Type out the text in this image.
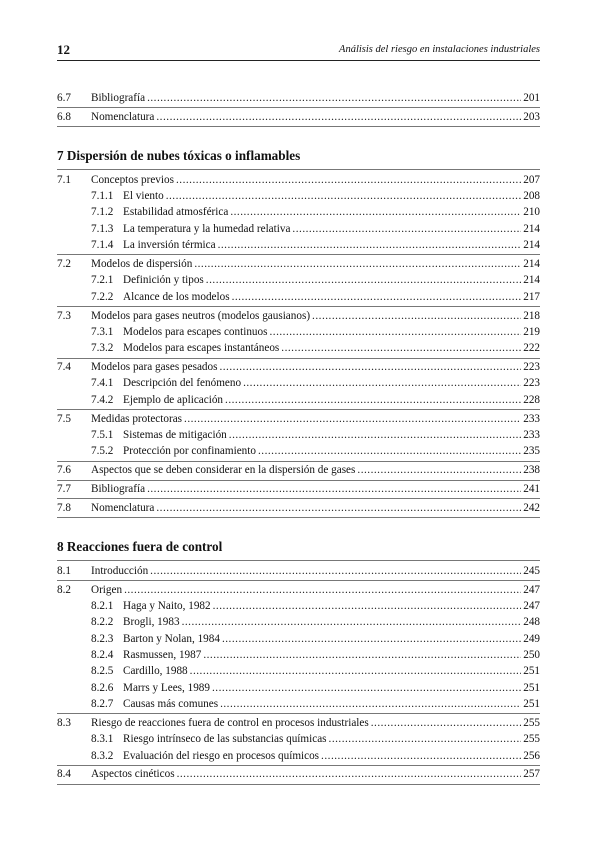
12	Análisis del riesgo en instalaciones industriales
6.7 Bibliografía .....	201
6.8 Nomenclatura .....	203
7 Dispersión de nubes tóxicas o inflamables
7.1 Conceptos previos .....	207
7.1.1 El viento .....	208
7.1.2 Estabilidad atmosférica .....	210
7.1.3 La temperatura y la humedad relativa .....	214
7.1.4 La inversión térmica .....	214
7.2 Modelos de dispersión .....	214
7.2.1 Definición y tipos .....	214
7.2.2 Alcance de los modelos .....	217
7.3 Modelos para gases neutros (modelos gausianos) .....	218
7.3.1 Modelos para escapes continuos .....	219
7.3.2 Modelos para escapes instantáneos .....	222
7.4 Modelos para gases pesados .....	223
7.4.1 Descripción del fenómeno .....	223
7.4.2 Ejemplo de aplicación .....	228
7.5 Medidas protectoras .....	233
7.5.1 Sistemas de mitigación .....	233
7.5.2 Protección por confinamiento .....	235
7.6 Aspectos que se deben considerar en la dispersión de gases .....	238
7.7 Bibliografía .....	241
7.8 Nomenclatura .....	242
8 Reacciones fuera de control
8.1 Introducción .....	245
8.2 Origen .....	247
8.2.1 Haga y Naito, 1982 .....	247
8.2.2 Brogli, 1983 .....	248
8.2.3 Barton y Nolan, 1984 .....	249
8.2.4 Rasmussen, 1987 .....	250
8.2.5 Cardillo, 1988 .....	251
8.2.6 Marrs y Lees, 1989 .....	251
8.2.7 Causas más comunes .....	251
8.3 Riesgo de reacciones fuera de control en procesos industriales .....	255
8.3.1 Riesgo intrínseco de las substancias químicas .....	255
8.3.2 Evaluación del riesgo en procesos químicos .....	256
8.4 Aspectos cinéticos .....	257
